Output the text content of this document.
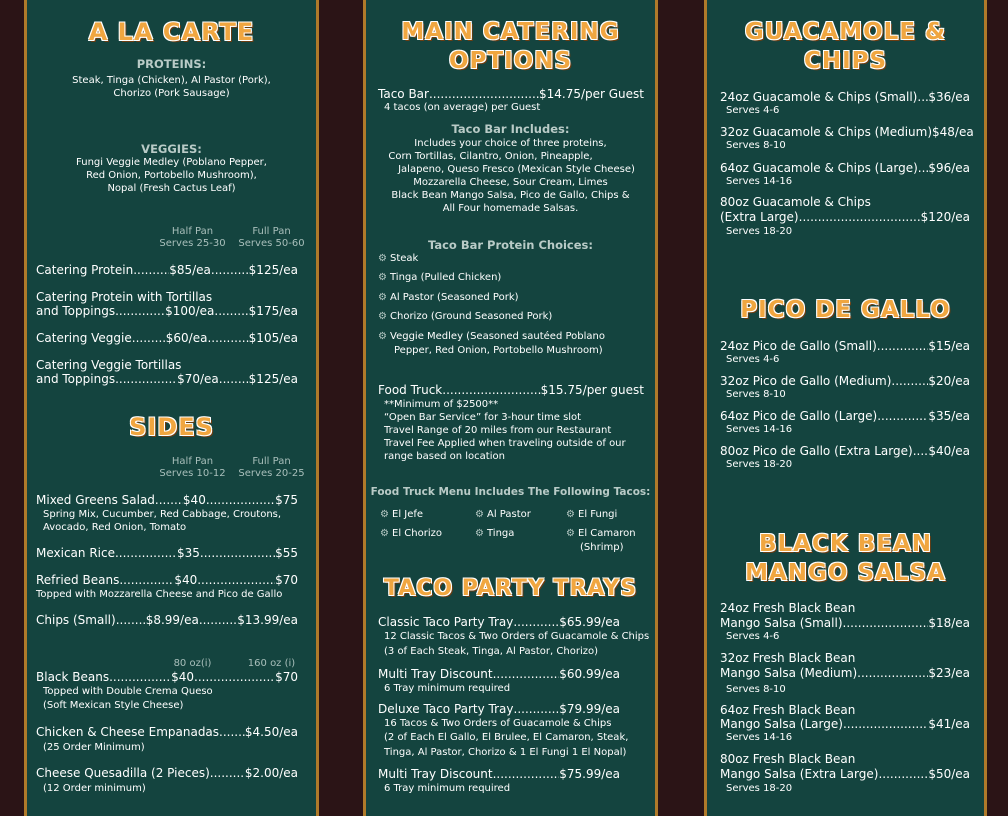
A LA CARTE
PROTEINS:
Steak, Tinga (Chicken), Al Pastor (Pork),
Chorizo (Pork Sausage)
VEGGIES:
Fungi Veggie Medley (Poblano Pepper,
Red Onion, Portobello Mushroom),
Nopal (Fresh Cactus Leaf)
Half Pan
Serves 25-30
Full Pan
Serves 50-60
Catering Protein .....	$85/ea .....	$125/ea
Catering Protein with Tortillas
and Toppings .....	$100/ea .....	$175/ea
Catering Veggie .....	$60/ea .....	$105/ea
Catering Veggie Tortillas
and Toppings .....	$70/ea ..... $125/ea
SIDES
Half Pan
Serves 10-12
Full Pan
Serves 20-25
Mixed Greens Salad ..... $40 .....	$75
Spring Mix, Cucumber, Red Cabbage, Croutons,
Avocado, Red Onion, Tomato
Mexican Rice .....	$35 .....	$55
Refried Beans .....	$40 .....	$70
Topped with Mozzarella Cheese and Pico de Gallo
Chips (Small) .....	$8.99/ea .....	$13.99/ea
80 oz(i)	160 oz (i)
Black Beans .....	$40 .....	$70
Topped with Double Crema Queso
(Soft Mexican Style Cheese)
Chicken & Cheese Empanadas ..... $4.50/ea
(25 Order Minimum)
Cheese Quesadilla (2 Pieces) .....	$2.00/ea
(12 Order minimum)
MAIN CATERING
OPTIONS
Taco Bar .....	$14.75/per Guest
4 tacos (on average) per Guest
Taco Bar Includes:
Includes your choice of three proteins,
Corn Tortillas, Cilantro, Onion, Pineapple,
Jalapeno, Queso Fresco (Mexican Style Cheese)
Mozzarella Cheese, Sour Cream, Limes
Black Bean Mango Salsa, Pico de Gallo, Chips &
All Four homemade Salsas.
Taco Bar Protein Choices:
⚙ Steak
⚙ Tinga (Pulled Chicken)
⚙ Al Pastor (Seasoned Pork)
⚙ Chorizo (Ground Seasoned Pork)
⚙ Veggie Medley (Seasoned sautéed Poblano
Pepper, Red Onion, Portobello Mushroom)
Food Truck .....	$15.75/per guest
**Minimum of $2500**
“Open Bar Service” for 3-hour time slot
Travel Range of 20 miles from our Restaurant
Travel Fee Applied when traveling outside of our
range based on location
Food Truck Menu Includes The Following Tacos:
⚙ El Jefe	⚙ Al Pastor	⚙ El Fungi
⚙ El Chorizo	⚙ Tinga	⚙ El Camaron
(Shrimp)
TACO PARTY TRAYS
Classic Taco Party Tray .....	$65.99/ea
12 Classic Tacos & Two Orders of Guacamole & Chips
(3 of Each Steak, Tinga, Al Pastor, Chorizo)
Multi Tray Discount .....	$60.99/ea
6 Tray minimum required
Deluxe Taco Party Tray .....	$79.99/ea
16 Tacos & Two Orders of Guacamole & Chips
(2 of Each El Gallo, El Brulee, El Camaron, Steak,
Tinga, Al Pastor, Chorizo & 1 El Fungi 1 El Nopal)
Multi Tray Discount .....	$75.99/ea
6 Tray minimum required
GUACAMOLE &
CHIPS
24oz Guacamole & Chips (Small) ..... $36/ea
Serves 4-6
32oz Guacamole & Chips (Medium) $48/ea
Serves 8-10
64oz Guacamole & Chips (Large) ..... $96/ea
Serves 14-16
80oz Guacamole & Chips
(Extra Large) .....	$120/ea
Serves 18-20
PICO DE GALLO
24oz Pico de Gallo (Small) .....	$15/ea
Serves 4-6
32oz Pico de Gallo (Medium) .....	$20/ea
Serves 8-10
64oz Pico de Gallo (Large) .....	$35/ea
Serves 14-16
80oz Pico de Gallo (Extra Large) ..... $40/ea
Serves 18-20
BLACK BEAN
MANGO SALSA
24oz Fresh Black Bean
Mango Salsa (Small) .....	$18/ea
Serves 4-6
32oz Fresh Black Bean
Mango Salsa (Medium) .....	$23/ea
Serves 8-10
64oz Fresh Black Bean
Mango Salsa (Large) .....	$41/ea
Serves 14-16
80oz Fresh Black Bean
Mango Salsa (Extra Large) .....	$50/ea
Serves 18-20
